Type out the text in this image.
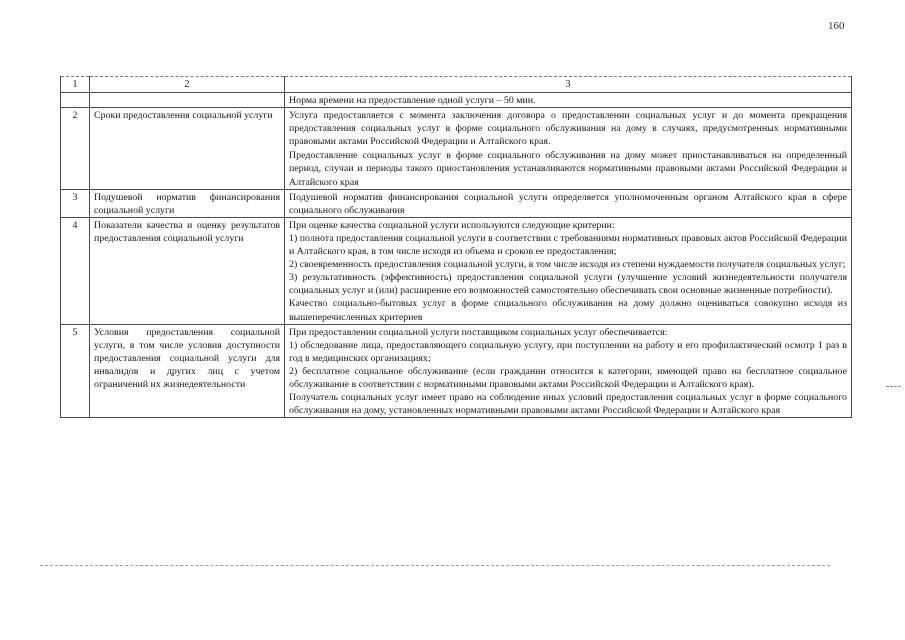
160
1	2	3

		Норма времени на предоставление одной услуги – 50 мин.

2	Сроки предоставления социальной услуги	Услуга предоставляется с момента заключения договора о предоставлении социальных услуг и до момента прекращения предоставления социальных услуг в форме социального обслуживания на дому в случаях, предусмотренных нормативными правовыми актами Российской Федерации и Алтайского края.

Предоставление социальных услуг в форме социального обслуживания на дому может приостанавливаться на определенный период, случаи и периоды такого приостановления устанавливаются нормативными правовыми актами Российской Федерации и Алтайского края

3	Подушевой норматив финансирования социальной услуги	Подушевой норматив финансирования социальной услуги определяется уполномоченным органом Алтайского края в сфере социального обслуживания

4	Показатели качества и оценку результатов предоставления социальной услуги	При оценке качества социальной услуги используются следующие критерии:

1) полнота предоставления социальной услуги в соответствии с требованиями нормативных правовых актов Российской Федерации и Алтайского края, в том числе исходя из объема и сроков ее предоставления;

2) своевременность предоставления социальной услуги, в том числе исходя из степени нуждаемости получателя социальных услуг;

3) результативность (эффективность) предоставления социальной услуги (улучшение условий жизнедеятельности получателя социальных услуг и (или) расширение его возможностей самостоятельно обеспечивать свои основные жизненные потребности).

Качество социально-бытовых услуг в форме социального обслуживания на дому должно оцениваться совокупно исходя из вышеперечисленных критериев

5	Условия предоставления социальной услуги, в том числе условия доступности предоставления социальной услуги для инвалидов и других лиц с учетом ограничений их жизнедеятельности	При предоставлении социальной услуги поставщиком социальных услуг обеспечивается:

1) обследование лица, предоставляющего социальную услугу, при поступлении на работу и его профилактический осмотр 1 раз в год в медицинских организациях;

2) бесплатное социальное обслуживание (если гражданин относится к категории, имеющей право на бесплатное социальное обслуживание в соответствии с нормативными правовыми актами Российской Федерации и Алтайского края).

Получатель социальных услуг имеет право на соблюдение иных условий предоставления социальных услуг в форме социального обслуживания на дому, установленных нормативными правовыми актами Российской Федерации и Алтайского края
